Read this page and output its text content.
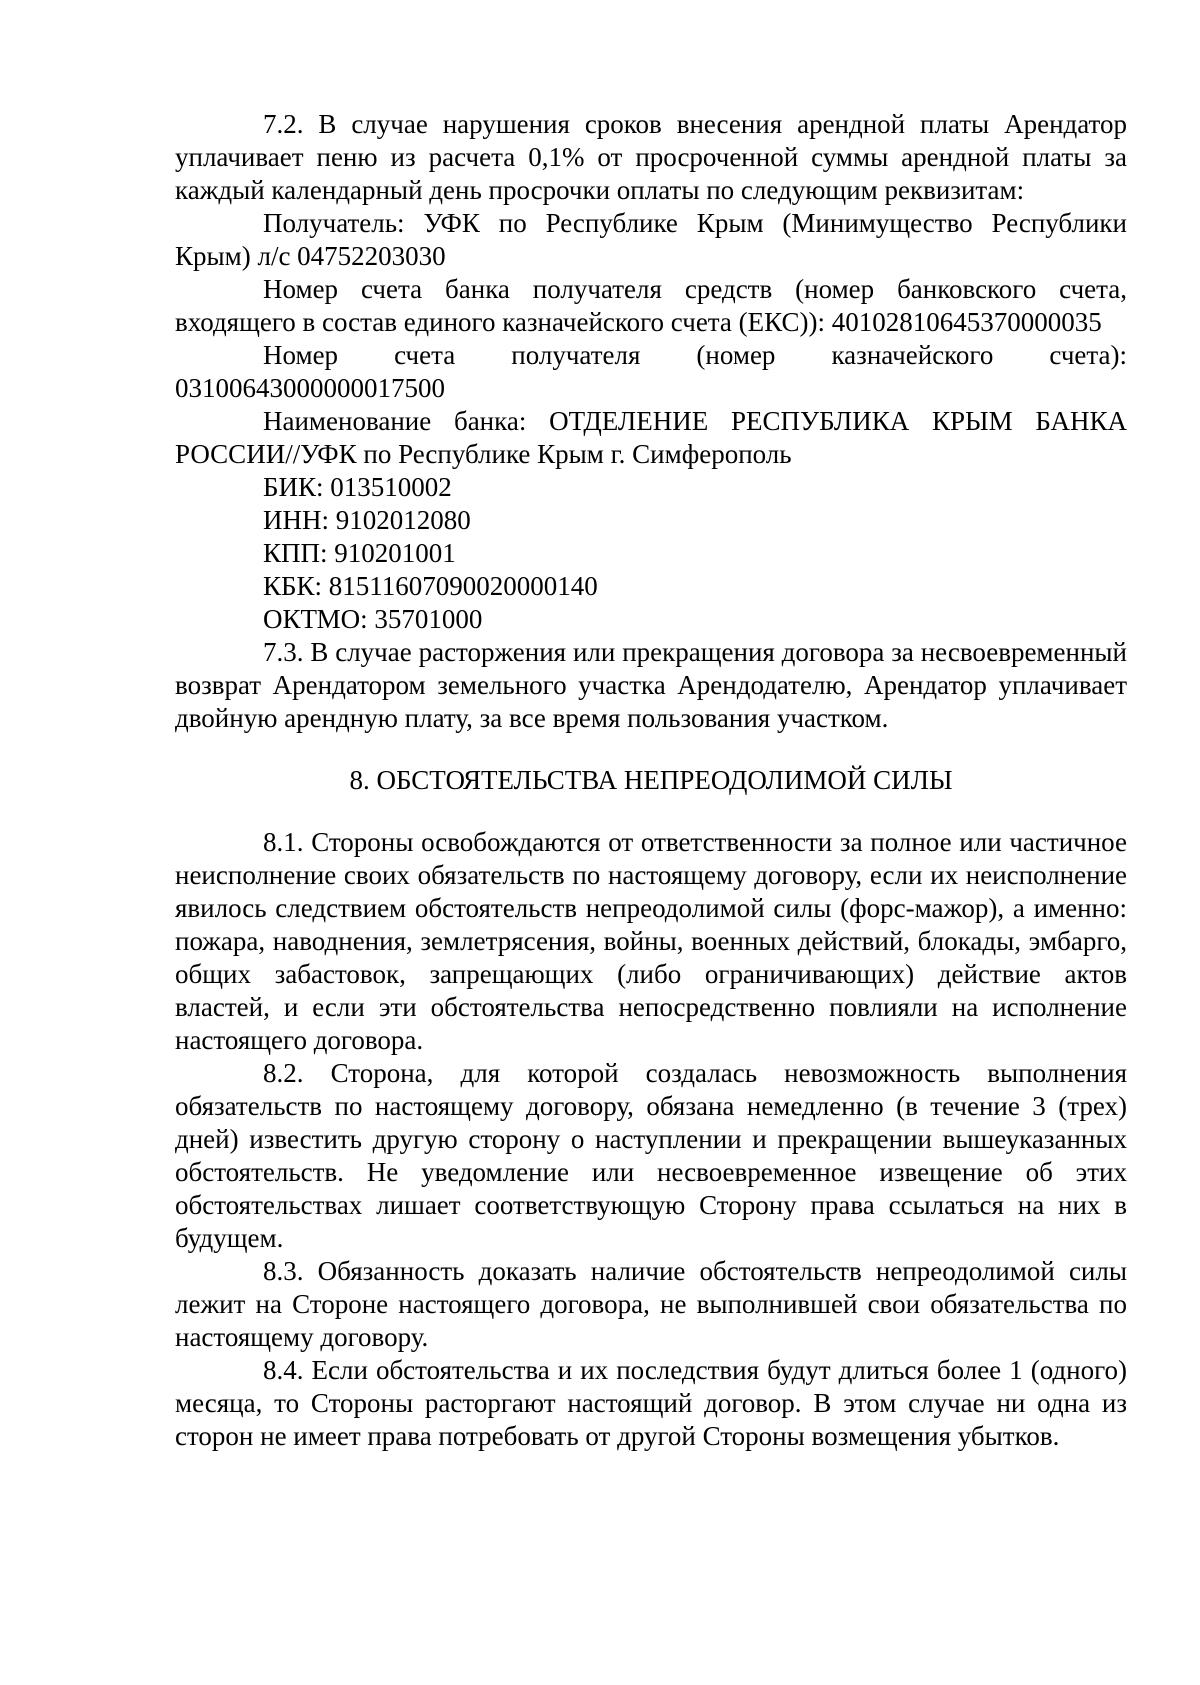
7.2. В случае нарушения сроков внесения арендной платы Арендатор уплачивает пеню из расчета 0,1% от просроченной суммы арендной платы за каждый календарный день просрочки оплаты по следующим реквизитам:

Получатель: УФК по Республике Крым (Минимущество Республики Крым) л/с 04752203030

Номер счета банка получателя средств (номер банковского счета, входящего в состав единого казначейского счета (ЕКС)): 40102810645370000035

Номер счета получателя (номер казначейского счета): 03100643000000017500

Наименование банка: ОТДЕЛЕНИЕ РЕСПУБЛИКА КРЫМ БАНКА РОССИИ//УФК по Республике Крым г. Симферополь

БИК: 013510002

ИНН: 9102012080

КПП: 910201001

КБК: 81511607090020000140

ОКТМО: 35701000

7.3. В случае расторжения или прекращения договора за несвоевременный возврат Арендатором земельного участка Арендодателю, Арендатор уплачивает двойную арендную плату, за все время пользования участком.

8. ОБСТОЯТЕЛЬСТВА НЕПРЕОДОЛИМОЙ СИЛЫ

8.1. Стороны освобождаются от ответственности за полное или частичное неисполнение своих обязательств по настоящему договору, если их неисполнение явилось следствием обстоятельств непреодолимой силы (форс-мажор), а именно: пожара, наводнения, землетрясения, войны, военных действий, блокады, эмбарго, общих забастовок, запрещающих (либо ограничивающих) действие актов властей, и если эти обстоятельства непосредственно повлияли на исполнение настоящего договора.

8.2. Сторона, для которой создалась невозможность выполнения обязательств по настоящему договору, обязана немедленно (в течение 3 (трех) дней) известить другую сторону о наступлении и прекращении вышеуказанных обстоятельств. Не уведомление или несвоевременное извещение об этих обстоятельствах лишает соответствующую Сторону права ссылаться на них в будущем.

8.3. Обязанность доказать наличие обстоятельств непреодолимой силы лежит на Стороне настоящего договора, не выполнившей свои обязательства по настоящему договору.

8.4. Если обстоятельства и их последствия будут длиться более 1 (одного) месяца, то Стороны расторгают настоящий договор. В этом случае ни одна из сторон не имеет права потребовать от другой Стороны возмещения убытков.
